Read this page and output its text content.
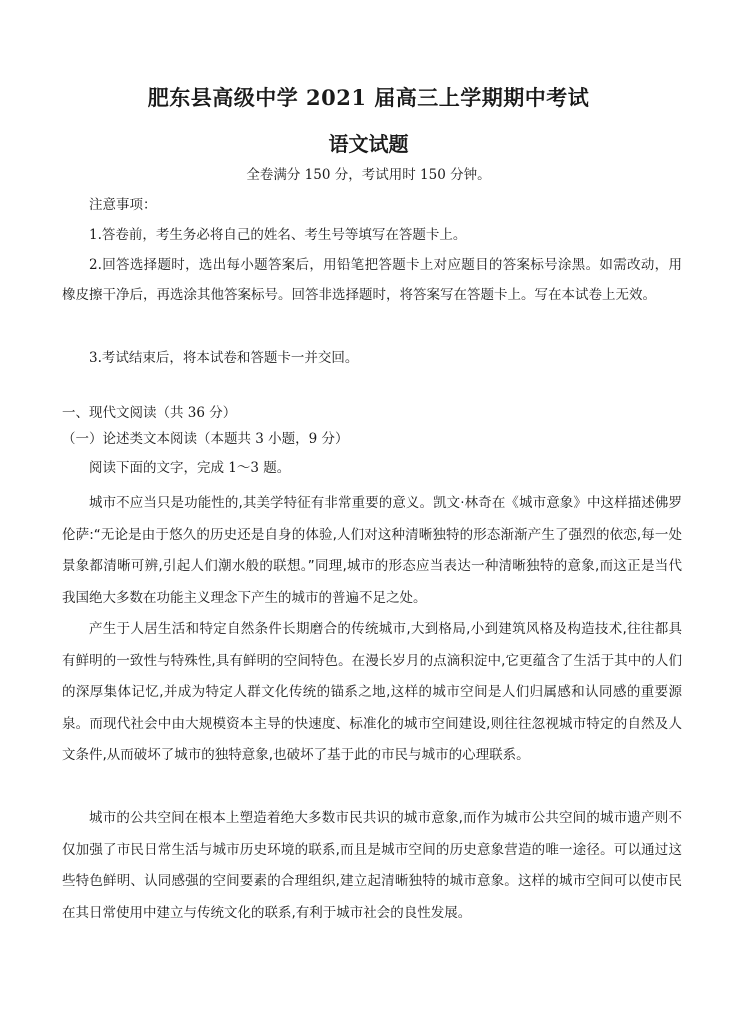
肥东县高级中学 2021 届高三上学期期中考试
语文试题
全卷满分 150 分，考试用时 150 分钟。
注意事项：
1.答卷前，考生务必将自己的姓名、考生号等填写在答题卡上。
2.回答选择题时，选出每小题答案后，用铅笔把答题卡上对应题目的答案标号涂黑。如需改动，用橡皮擦干净后，再选涂其他答案标号。回答非选择题时，将答案写在答题卡上。写在本试卷上无效。
3.考试结束后，将本试卷和答题卡一并交回。
一、现代文阅读（共 36 分）
（一）论述类文本阅读（本题共 3 小题，9 分）
阅读下面的文字，完成 1～3 题。
城市不应当只是功能性的,其美学特征有非常重要的意义。凯文·林奇在《城市意象》中这样描述佛罗伦萨:“无论是由于悠久的历史还是自身的体验,人们对这种清晰独特的形态渐渐产生了强烈的依恋,每一处景象都清晰可辨,引起人们潮水般的联想。”同理,城市的形态应当表达一种清晰独特的意象,而这正是当代我国绝大多数在功能主义理念下产生的城市的普遍不足之处。
产生于人居生活和特定自然条件长期磨合的传统城市,大到格局,小到建筑风格及构造技术,往往都具有鲜明的一致性与特殊性,具有鲜明的空间特色。在漫长岁月的点滴积淀中,它更蕴含了生活于其中的人们的深厚集体记忆,并成为特定人群文化传统的锚系之地,这样的城市空间是人们归属感和认同感的重要源泉。而现代社会中由大规模资本主导的快速度、标准化的城市空间建设,则往往忽视城市特定的自然及人文条件,从而破坏了城市的独特意象,也破坏了基于此的市民与城市的心理联系。
城市的公共空间在根本上塑造着绝大多数市民共识的城市意象,而作为城市公共空间的城市遗产则不仅加强了市民日常生活与城市历史环境的联系,而且是城市空间的历史意象营造的唯一途径。可以通过这些特色鲜明、认同感强的空间要素的合理组织,建立起清晰独特的城市意象。这样的城市空间可以使市民在其日常使用中建立与传统文化的联系,有利于城市社会的良性发展。
